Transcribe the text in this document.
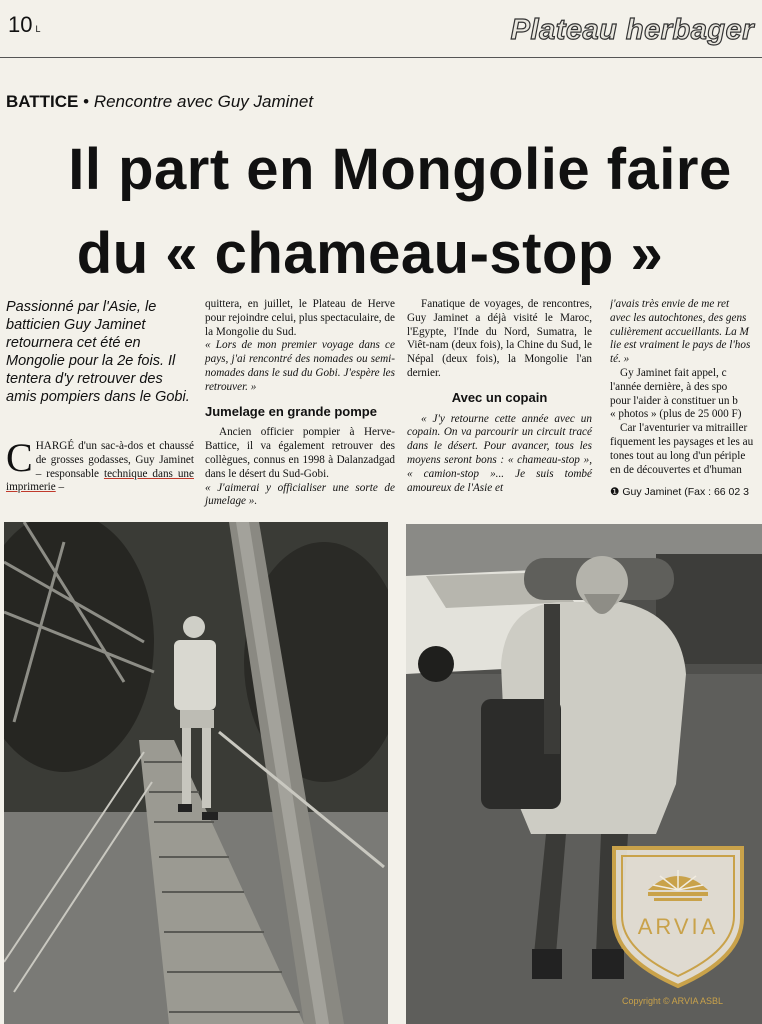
10 L	Plateau herbager
BATTICE • Rencontre avec Guy Jaminet
Il part en Mongolie faire
du « chameau-stop »
Passionné par l'Asie, le batticien Guy Jaminet retournera cet été en Mongolie pour la 2e fois. Il tentera d'y retrouver des amis pompiers dans le Gobi.

CHARGÉ d'un sac-à-dos et chaussé de grosses godasses, Guy Jaminet – responsable technique dans une imprimerie –

quittera, en juillet, le Plateau de Herve pour rejoindre celui, plus spectaculaire, de la Mongolie du Sud.

« Lors de mon premier voyage dans ce pays, j'ai rencontré des nomades ou semi-nomades dans le sud du Gobi. J'espère les retrouver. »

Jumelage en grande pompe

Ancien officier pompier à Herve-Battice, il va également retrouver des collègues, connus en 1998 à Dalanzadgad dans le désert du Sud-Gobi.

« J'aimerai y officialiser une sorte de jumelage ».

Fanatique de voyages, de rencontres, Guy Jaminet a déjà visité le Maroc, l'Egypte, l'Inde du Nord, Sumatra, le Viêt-nam (deux fois), la Chine du Sud, le Népal (deux fois), la Mongolie l'an dernier.

Avec un copain

« J'y retourne cette année avec un copain. On va parcourir un circuit tracé dans le désert. Pour avancer, tous les moyens seront bons : « chameau-stop », « camion-stop »... Je suis tombé amoureux de l'Asie et

j'avais très envie de me ret
avec les autochtones, des gens
culièrement accueillants. La M
lie est vraiment le pays de l'hos
té. »
Gy Jaminet fait appel, c
l'année dernière, à des spo
pour l'aider à constituer un b
« photos » (plus de 25 000 F)
Car l'aventurier va mitrailler
fiquement les paysages et les au
tones tout au long d'un périple
en de découvertes et d'human
❶ Guy Jaminet (Fax : 66 02 3
ARVIA
Copyright © ARVIA ASBL
